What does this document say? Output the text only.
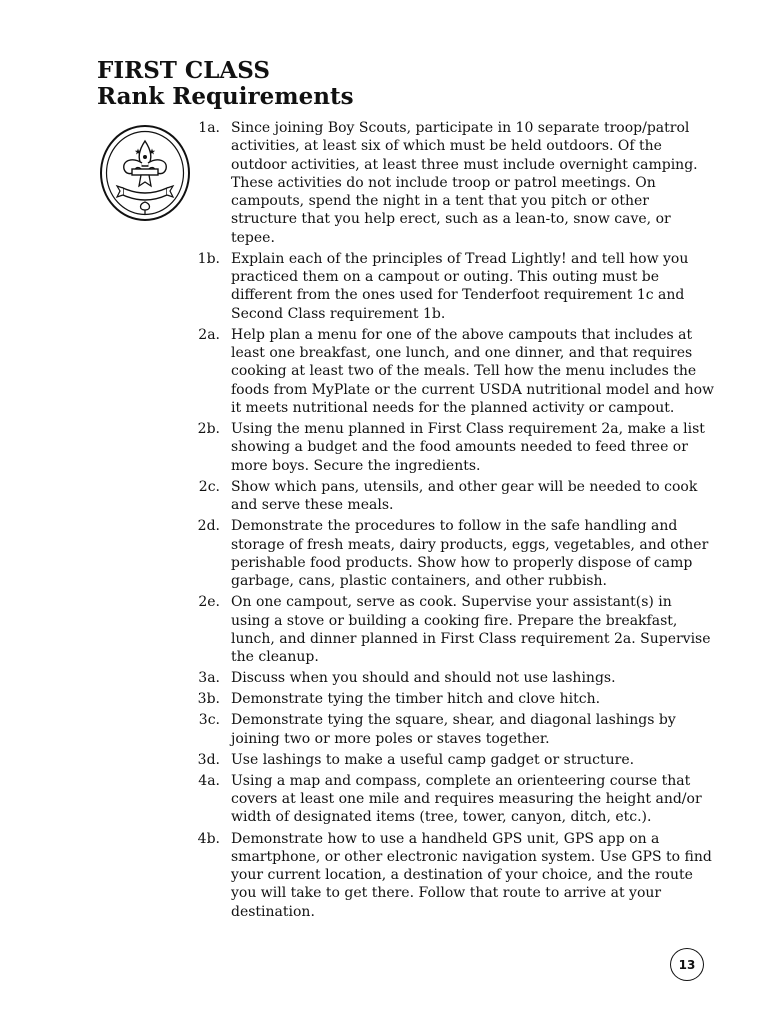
FIRST CLASS
Rank Requirements
1a. Since joining Boy Scouts, participate in 10 separate troop/patrol activities, at least six of which must be held outdoors. Of the outdoor activities, at least three must include overnight camping. These activities do not include troop or patrol meetings. On campouts, spend the night in a tent that you pitch or other structure that you help erect, such as a lean-to, snow cave, or tepee.
1b. Explain each of the principles of Tread Lightly! and tell how you practiced them on a campout or outing. This outing must be different from the ones used for Tenderfoot requirement 1c and Second Class requirement 1b.
2a. Help plan a menu for one of the above campouts that includes at least one breakfast, one lunch, and one dinner, and that requires cooking at least two of the meals. Tell how the menu includes the foods from MyPlate or the current USDA nutritional model and how it meets nutritional needs for the planned activity or campout.
2b. Using the menu planned in First Class requirement 2a, make a list showing a budget and the food amounts needed to feed three or more boys. Secure the ingredients.
2c. Show which pans, utensils, and other gear will be needed to cook and serve these meals.
2d. Demonstrate the procedures to follow in the safe handling and storage of fresh meats, dairy products, eggs, vegetables, and other perishable food products. Show how to properly dispose of camp garbage, cans, plastic containers, and other rubbish.
2e. On one campout, serve as cook. Supervise your assistant(s) in using a stove or building a cooking fire. Prepare the breakfast, lunch, and dinner planned in First Class requirement 2a. Supervise the cleanup.
3a. Discuss when you should and should not use lashings.
3b. Demonstrate tying the timber hitch and clove hitch.
3c. Demonstrate tying the square, shear, and diagonal lashings by joining two or more poles or staves together.
3d. Use lashings to make a useful camp gadget or structure.
4a. Using a map and compass, complete an orienteering course that covers at least one mile and requires measuring the height and/or width of designated items (tree, tower, canyon, ditch, etc.).
4b. Demonstrate how to use a handheld GPS unit, GPS app on a smartphone, or other electronic navigation system. Use GPS to find your current location, a destination of your choice, and the route you will take to get there. Follow that route to arrive at your destination.
13
